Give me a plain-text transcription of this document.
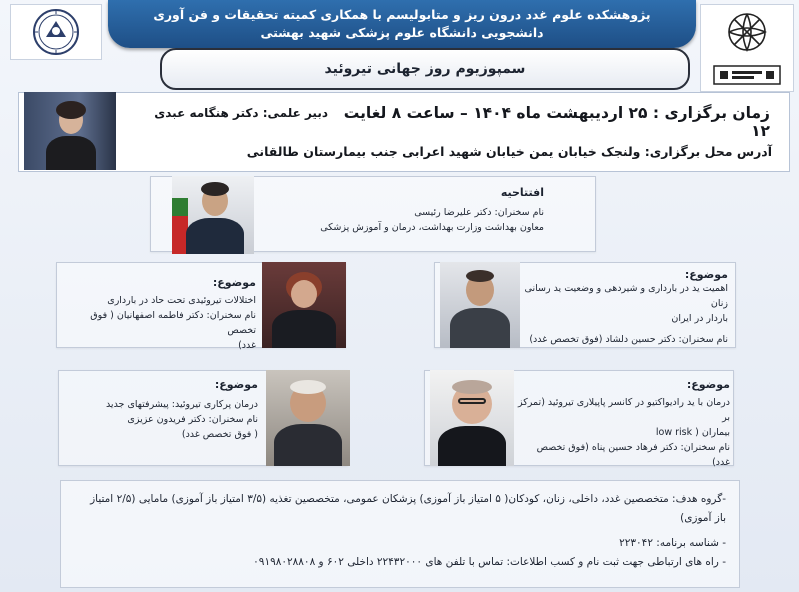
پژوهشکده علوم غدد درون ریز و متابولیسم با همکاری کمیته تحقیقات و فن آوری
دانشجویی دانشگاه علوم پزشکی شهید بهشتی
سمپوزیوم روز جهانی تیروئید
زمان برگزاری : ۲۵ اردیبهشت ماه ۱۴۰۴ – ساعت ۸ لغایت ۱۲
دبیر علمی: دکتر هنگامه عبدی
آدرس محل برگزاری: ولنجک خیابان یمن خیابان شهید اعرابی جنب بیمارستان طالقانی
افتتاحیه
نام سخنران: دکتر علیرضا رئیسی
معاون بهداشت وزارت بهداشت، درمان و آموزش پزشکی
موضوع:
اهمیت ید در بارداری و شیردهی و وضعیت ید رسانی زنان
باردار در ایران
نام سخنران: دکتر حسین دلشاد (فوق تخصص غدد)
موضوع:
اختلالات تیروئیدی تحت حاد در بارداری
نام سخنران: دکتر فاطمه اصفهانیان ( فوق تخصص
غدد)
موضوع:
درمان با ید رادیواکتیو در کانسر پاپیلاری تیروئید (تمرکز بر
بیماران ( low risk
نام سخنران: دکتر فرهاد حسین پناه (فوق تخصص
غدد)
موضوع:
درمان پرکاری تیروئید: پیشرفتهای جدید
نام سخنران: دکتر فریدون عزیزی
( فوق تخصص غدد)
-گروه هدف: متخصصین غدد، داخلی، زنان، کودکان( ۵ امتیاز باز آموزی) پزشکان عمومی، متخصصین تغذیه (۳/۵ امتیاز باز آموزی) مامایی (۲/۵ امتیاز باز آموزی)
- شناسه برنامه: ۲۲۳۰۴۲
- راه های ارتباطی جهت ثبت نام و کسب اطلاعات: تماس با تلفن های ۲۲۴۳۲۰۰۰ داخلی ۶۰۲ و ۰۹۱۹۸۰۲۸۸۰۸
